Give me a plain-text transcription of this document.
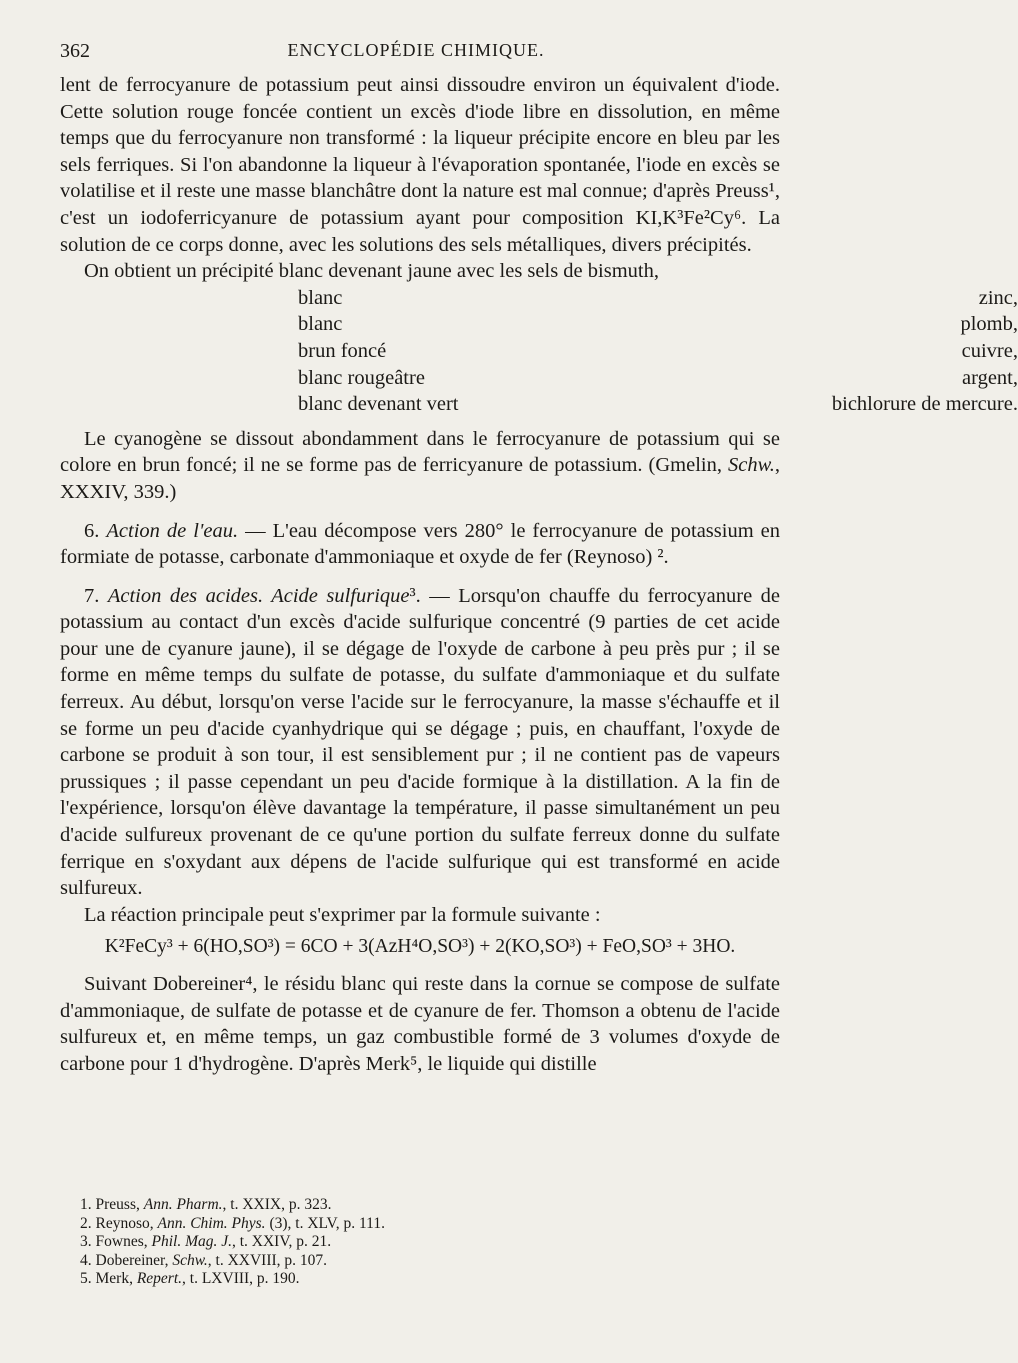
362	ENCYCLOPÉDIE CHIMIQUE.

lent de ferrocyanure de potassium peut ainsi dissoudre environ un équivalent d'iode. Cette solution rouge foncée contient un excès d'iode libre en dissolution, en même temps que du ferrocyanure non transformé : la liqueur précipite encore en bleu par les sels ferriques. Si l'on abandonne la liqueur à l'évaporation spontanée, l'iode en excès se volatilise et il reste une masse blanchâtre dont la nature est mal connue; d'après Preuss¹, c'est un iodoferricyanure de potassium ayant pour composition KI,K³Fe²Cy⁶. La solution de ce corps donne, avec les solutions des sels métalliques, divers précipités.

On obtient un précipité blanc devenant jaune avec les sels de bismuth,

blanc	zinc,
blanc	plomb,
brun foncé	cuivre,
blanc rougeâtre	argent,
blanc devenant vert	bichlorure de mercure.

Le cyanogène se dissout abondamment dans le ferrocyanure de potassium qui se colore en brun foncé; il ne se forme pas de ferricyanure de potassium. (Gmelin, Schw., XXXIV, 339.)

6. Action de l'eau. — L'eau décompose vers 280° le ferrocyanure de potassium en formiate de potasse, carbonate d'ammoniaque et oxyde de fer (Reynoso) ².

7. Action des acides. Acide sulfurique³. — Lorsqu'on chauffe du ferrocyanure de potassium au contact d'un excès d'acide sulfurique concentré (9 parties de cet acide pour une de cyanure jaune), il se dégage de l'oxyde de carbone à peu près pur ; il se forme en même temps du sulfate de potasse, du sulfate d'ammoniaque et du sulfate ferreux. Au début, lorsqu'on verse l'acide sur le ferrocyanure, la masse s'échauffe et il se forme un peu d'acide cyanhydrique qui se dégage ; puis, en chauffant, l'oxyde de carbone se produit à son tour, il est sensiblement pur ; il ne contient pas de vapeurs prussiques ; il passe cependant un peu d'acide formique à la distillation. A la fin de l'expérience, lorsqu'on élève davantage la température, il passe simultanément un peu d'acide sulfureux provenant de ce qu'une portion du sulfate ferreux donne du sulfate ferrique en s'oxydant aux dépens de l'acide sulfurique qui est transformé en acide sulfureux.

La réaction principale peut s'exprimer par la formule suivante :

K²FeCy³ + 6(HO,SO³) = 6CO + 3(AzH⁴O,SO³) + 2(KO,SO³) + FeO,SO³ + 3HO.

Suivant Dobereiner⁴, le résidu blanc qui reste dans la cornue se compose de sulfate d'ammoniaque, de sulfate de potasse et de cyanure de fer. Thomson a obtenu de l'acide sulfureux et, en même temps, un gaz combustible formé de 3 volumes d'oxyde de carbone pour 1 d'hydrogène. D'après Merk⁵, le liquide qui distille

1. Preuss, Ann. Pharm., t. XXIX, p. 323.

2. Reynoso, Ann. Chim. Phys. (3), t. XLV, p. 111.

3. Fownes, Phil. Mag. J., t. XXIV, p. 21.

4. Dobereiner, Schw., t. XXVIII, p. 107.

5. Merk, Repert., t. LXVIII, p. 190.
